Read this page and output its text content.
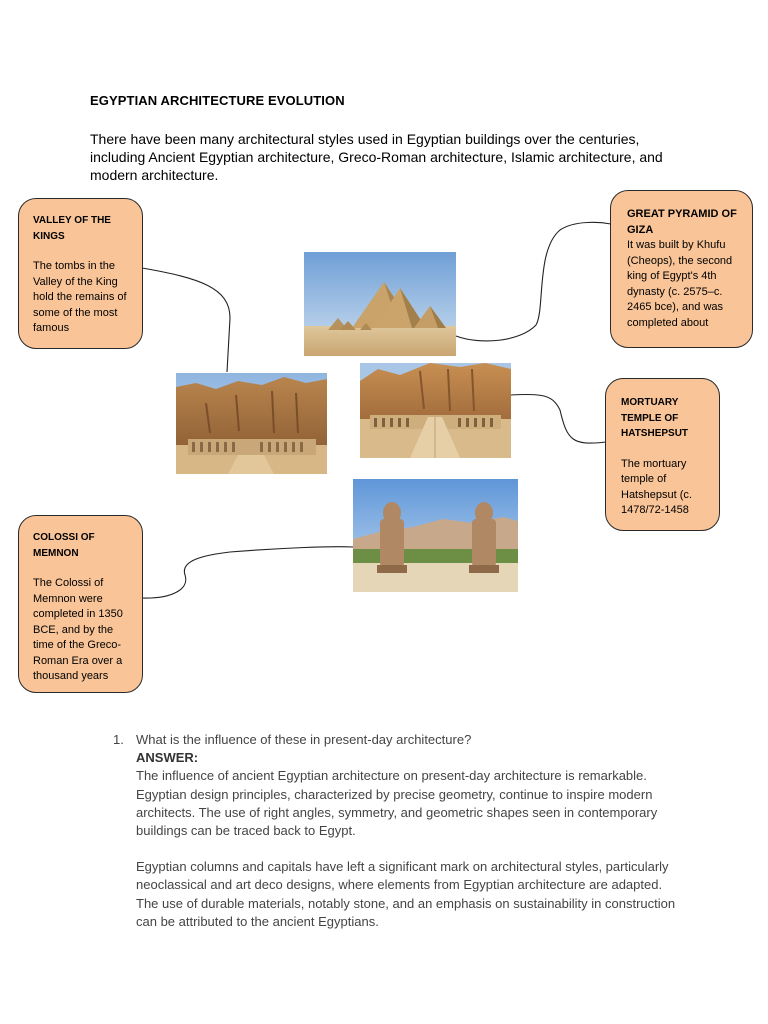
EGYPTIAN ARCHITECTURE EVOLUTION
There have been many architectural styles used in Egyptian buildings over the centuries, including Ancient Egyptian architecture, Greco-Roman architecture, Islamic architecture, and modern architecture.
VALLEY OF THE KINGS
The tombs in the Valley of the King hold the remains of some of the most famous
GREAT PYRAMID OF GIZA
It was built by Khufu (Cheops), the second king of Egypt's 4th dynasty (c. 2575–c. 2465 bce), and was completed about
MORTUARY TEMPLE OF HATSHEPSUT
The mortuary temple of Hatshepsut (c. 1478/72-1458
COLOSSI OF MEMNON
The Colossi of Memnon were completed in 1350 BCE, and by the time of the Greco-Roman Era over a thousand years
1. What is the influence of these in present-day architecture?
ANSWER:

The influence of ancient Egyptian architecture on present-day architecture is remarkable. Egyptian design principles, characterized by precise geometry, continue to inspire modern architects. The use of right angles, symmetry, and geometric shapes seen in contemporary buildings can be traced back to Egypt.

Egyptian columns and capitals have left a significant mark on architectural styles, particularly neoclassical and art deco designs, where elements from Egyptian architecture are adapted. The use of durable materials, notably stone, and an emphasis on sustainability in construction can be attributed to the ancient Egyptians.
